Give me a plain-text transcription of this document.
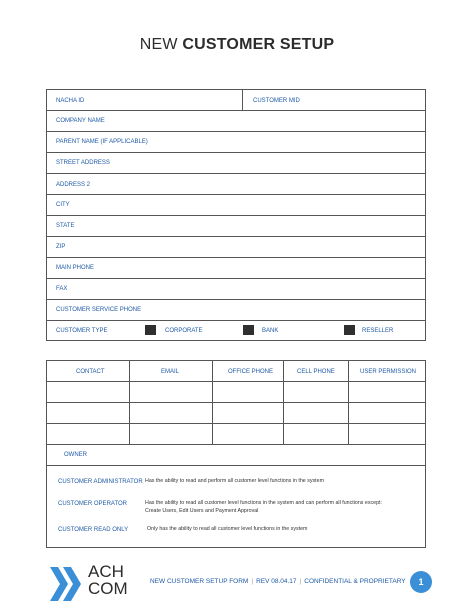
NEW CUSTOMER SETUP
NACHA ID	CUSTOMER MID
COMPANY NAME
PARENT NAME (IF APPLICABLE)
STREET ADDRESS
ADDRESS 2
CITY
STATE
ZIP
MAIN PHONE
FAX
CUSTOMER SERVICE PHONE
CUSTOMER TYPE	CORPORATE	BANK	RESELLER
CONTACT	EMAIL	OFFICE PHONE	CELL PHONE	USER PERMISSION
OWNER
CUSTOMER ADMINISTRATOR Has the ability to read and perform all customer level functions in the system
CUSTOMER OPERATOR	Has the ability to read all customer level functions in the system and can perform all functions except:
Create Users, Edit Users and Payment Approval
CUSTOMER READ ONLY	Only has the ability to read all customer level functions in the system
ACH
COM	NEW CUSTOMER SETUP FORM | REV 08.04.17 | CONFIDENTIAL & PROPRIETARY	1
